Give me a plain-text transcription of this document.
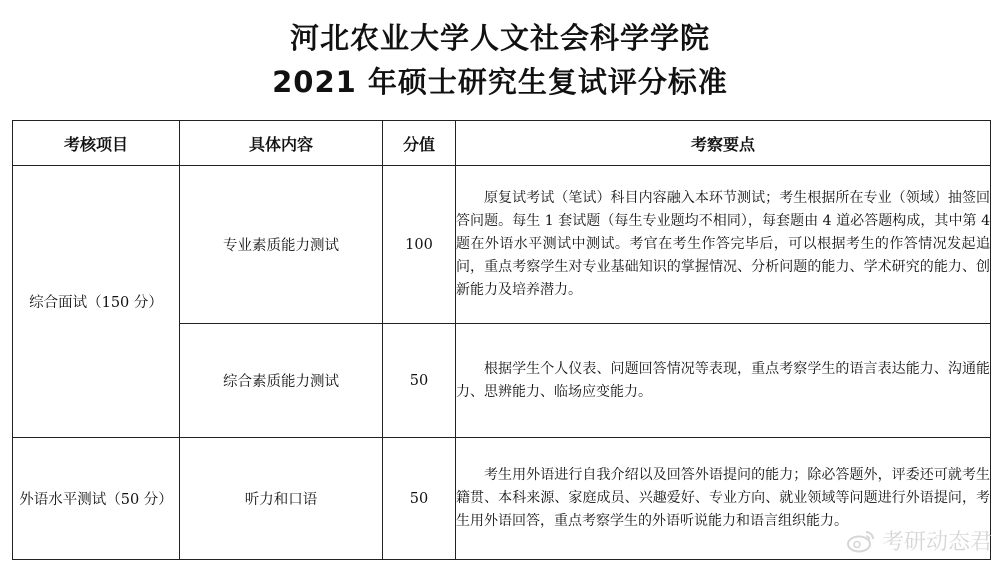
河北农业大学人文社会科学学院
2021 年硕士研究生复试评分标准
考核项目	具体内容	分值	考察要点
综合面试（150 分）	专业素质能力测试	100	原复试考试（笔试）科目内容融入本环节测试；考生根据所在专业（领域）抽签回答问题。每生 1 套试题（每生专业题均不相同），每套题由 4 道必答题构成，其中第 4 题在外语水平测试中测试。考官在考生作答完毕后，可以根据考生的作答情况发起追问，重点考察学生对专业基础知识的掌握情况、分析问题的能力、学术研究的能力、创新能力及培养潜力。

	综合素质能力测试	50	根据学生个人仪表、问题回答情况等表现，重点考察学生的语言表达能力、沟通能力、思辨能力、临场应变能力。

外语水平测试（50 分）	听力和口语	50	考生用外语进行自我介绍以及回答外语提问的能力；除必答题外，评委还可就考生籍贯、本科来源、家庭成员、兴趣爱好、专业方向、就业领域等问题进行外语提问，考生用外语回答，重点考察学生的外语听说能力和语言组织能力。

考研动态君
